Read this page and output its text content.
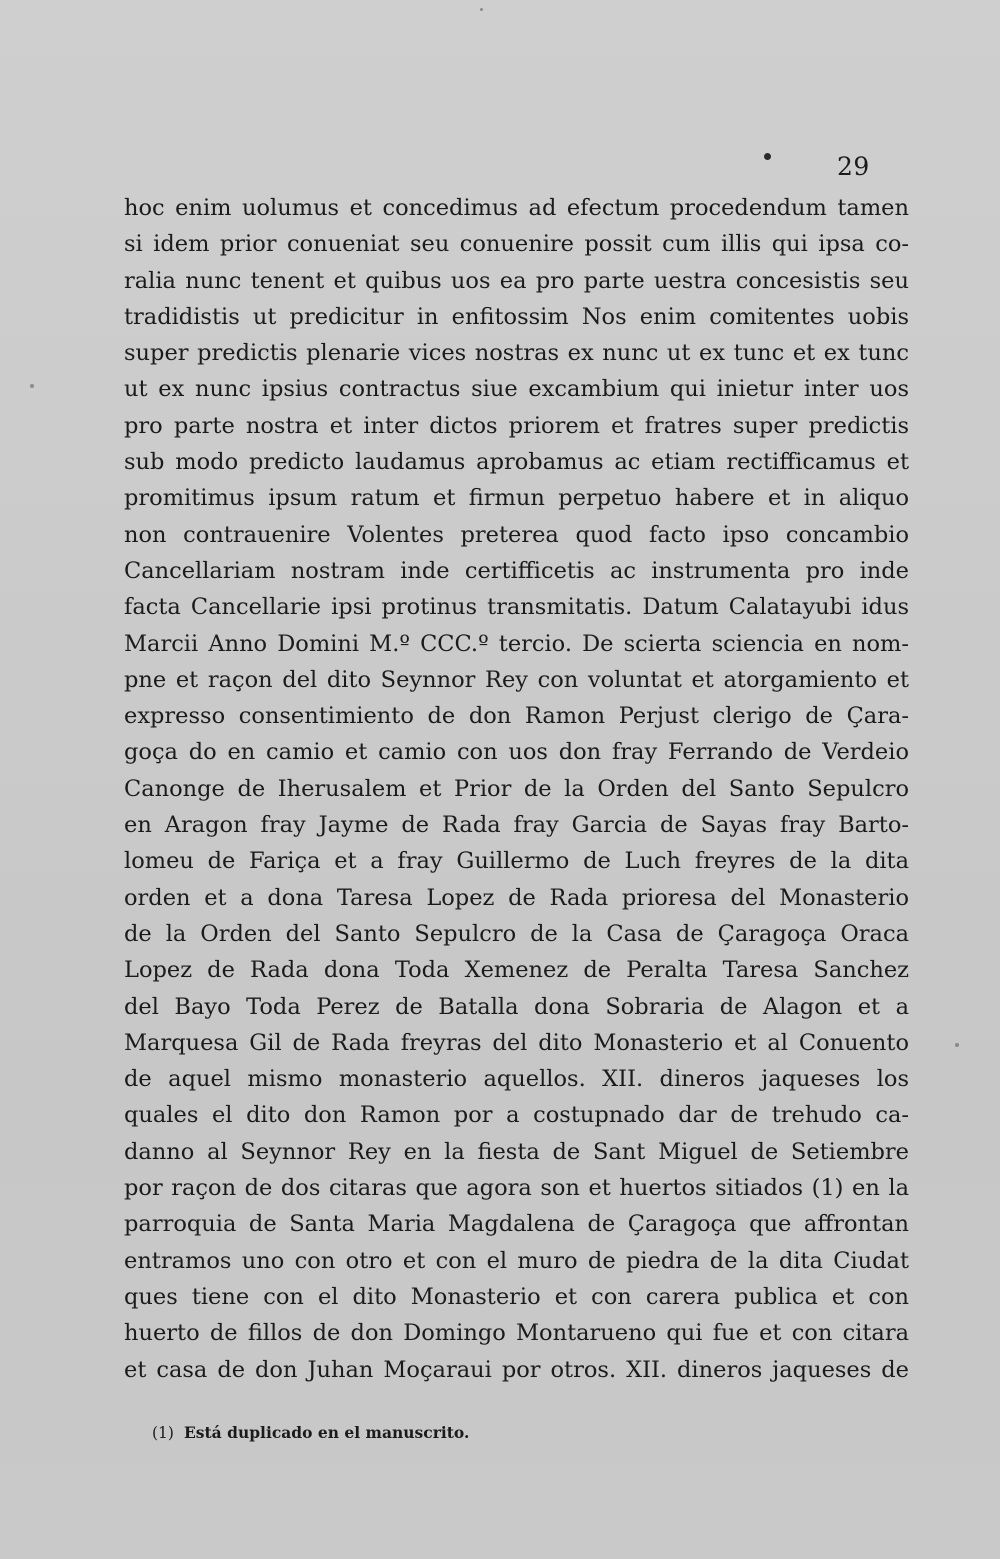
29
hoc enim uolumus et concedimus ad efectum procedendum tamen
si idem prior conueniat seu conuenire possit cum illis qui ipsa co-
ralia nunc tenent et quibus uos ea pro parte uestra concesistis seu
tradidistis ut predicitur in enfitossim Nos enim comitentes uobis
super predictis plenarie vices nostras ex nunc ut ex tunc et ex tunc
ut ex nunc ipsius contractus siue excambium qui inietur inter uos
pro parte nostra et inter dictos priorem et fratres super predictis
sub modo predicto laudamus aprobamus ac etiam rectifficamus et
promitimus ipsum ratum et firmun perpetuo habere et in aliquo
non contrauenire Volentes preterea quod facto ipso concambio
Cancellariam nostram inde certifficetis ac instrumenta pro inde
facta Cancellarie ipsi protinus transmitatis. Datum Calatayubi idus
Marcii Anno Domini M.º CCC.º tercio. De scierta sciencia en nom-
pne et raçon del dito Seynnor Rey con voluntat et atorgamiento et
expresso consentimiento de don Ramon Perjust clerigo de Çara-
goça do en camio et camio con uos don fray Ferrando de Verdeio
Canonge de Iherusalem et Prior de la Orden del Santo Sepulcro
en Aragon fray Jayme de Rada fray Garcia de Sayas fray Barto-
lomeu de Fariça et a fray Guillermo de Luch freyres de la dita
orden et a dona Taresa Lopez de Rada prioresa del Monasterio
de la Orden del Santo Sepulcro de la Casa de Çaragoça Oraca
Lopez de Rada dona Toda Xemenez de Peralta Taresa Sanchez
del Bayo Toda Perez de Batalla dona Sobraria de Alagon et a
Marquesa Gil de Rada freyras del dito Monasterio et al Conuento
de aquel mismo monasterio aquellos. XII. dineros jaqueses los
quales el dito don Ramon por a costupnado dar de trehudo ca-
danno al Seynnor Rey en la fiesta de Sant Miguel de Setiembre
por raçon de dos citaras que agora son et huertos sitiados (1) en la
parroquia de Santa Maria Magdalena de Çaragoça que affrontan
entramos uno con otro et con el muro de piedra de la dita Ciudat
ques tiene con el dito Monasterio et con carera publica et con
huerto de fillos de don Domingo Montarueno qui fue et con citara
et casa de don Juhan Moçaraui por otros. XII. dineros jaqueses de
(1) Está duplicado en el manuscrito.
